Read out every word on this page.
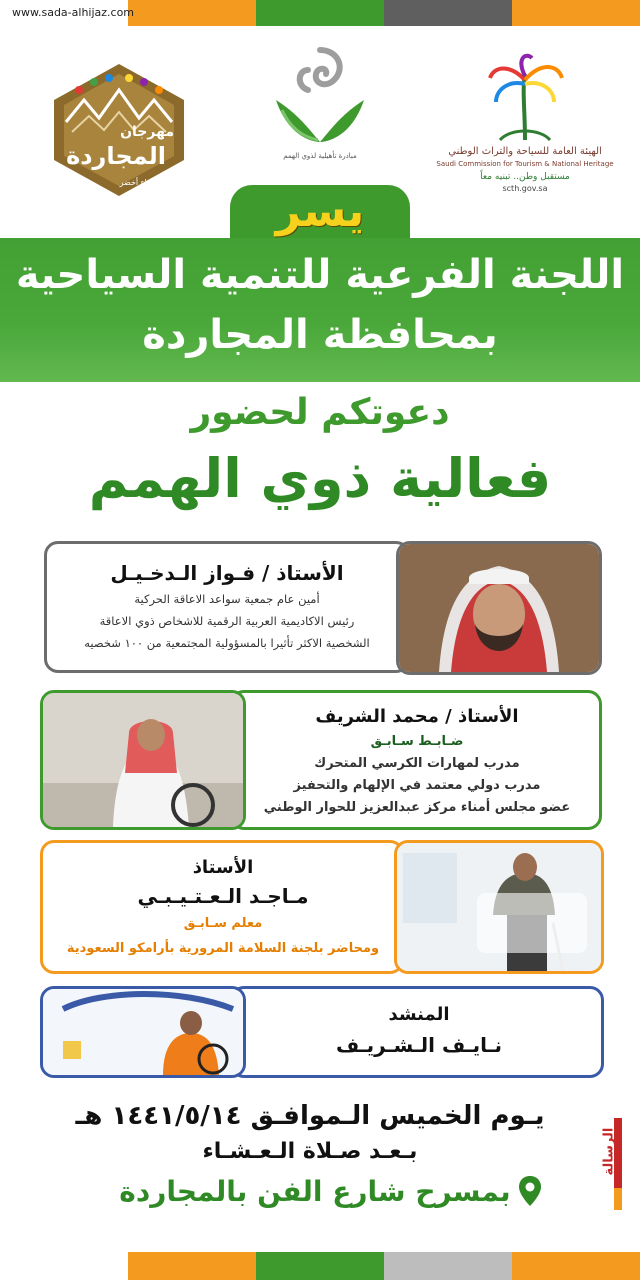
www.sada-alhijaz.com
مهرجان
المجاردة
شتاء أخضر
مبادرة تأهيلية لذوي الهمم	الهيئة العامة للسياحة والتراث الوطني
Saudi Commission for Tourism & National Heritage
مستقبل وطن.. تبنيه معاً
scth.gov.sa
يسر
اللجنة الفرعية للتنمية السياحية
بمحافظة المجاردة
دعوتكم لحضور
فعالية ذوي الهمم
الأستاذ / فـواز الـدخـيـل
أمين عام جمعية سواعد الاعاقة الحركية
رئيس الاكاديمية العربية الرقمية للاشخاص ذوي الاعاقة
الشخصية الاكثر تأثيرا بالمسؤولية المجتمعية من ١٠٠ شخصيه
الأستاذ / محمد الشريف
ضـابـط سـابـق
مدرب لمهارات الكرسي المتحرك
مدرب دولي معتمد في الإلهام والتحفيز
عضو مجلس أمناء مركز عبدالعزيز للحوار الوطني
الأستاذ
مـاجـد الـعـتـيـبـي
معلم سـابـق
ومحاضر بلجنة السلامة المرورية بأرامكو السعودية
المنشد
نـايـف الـشـريـف
يـوم الخميس الـموافـق ١٤٤١/٥/١٤ هـ
بـعـد صـلاة الـعـشـاء
بمسرح شارع الفن بالمجاردة
الرسالة
